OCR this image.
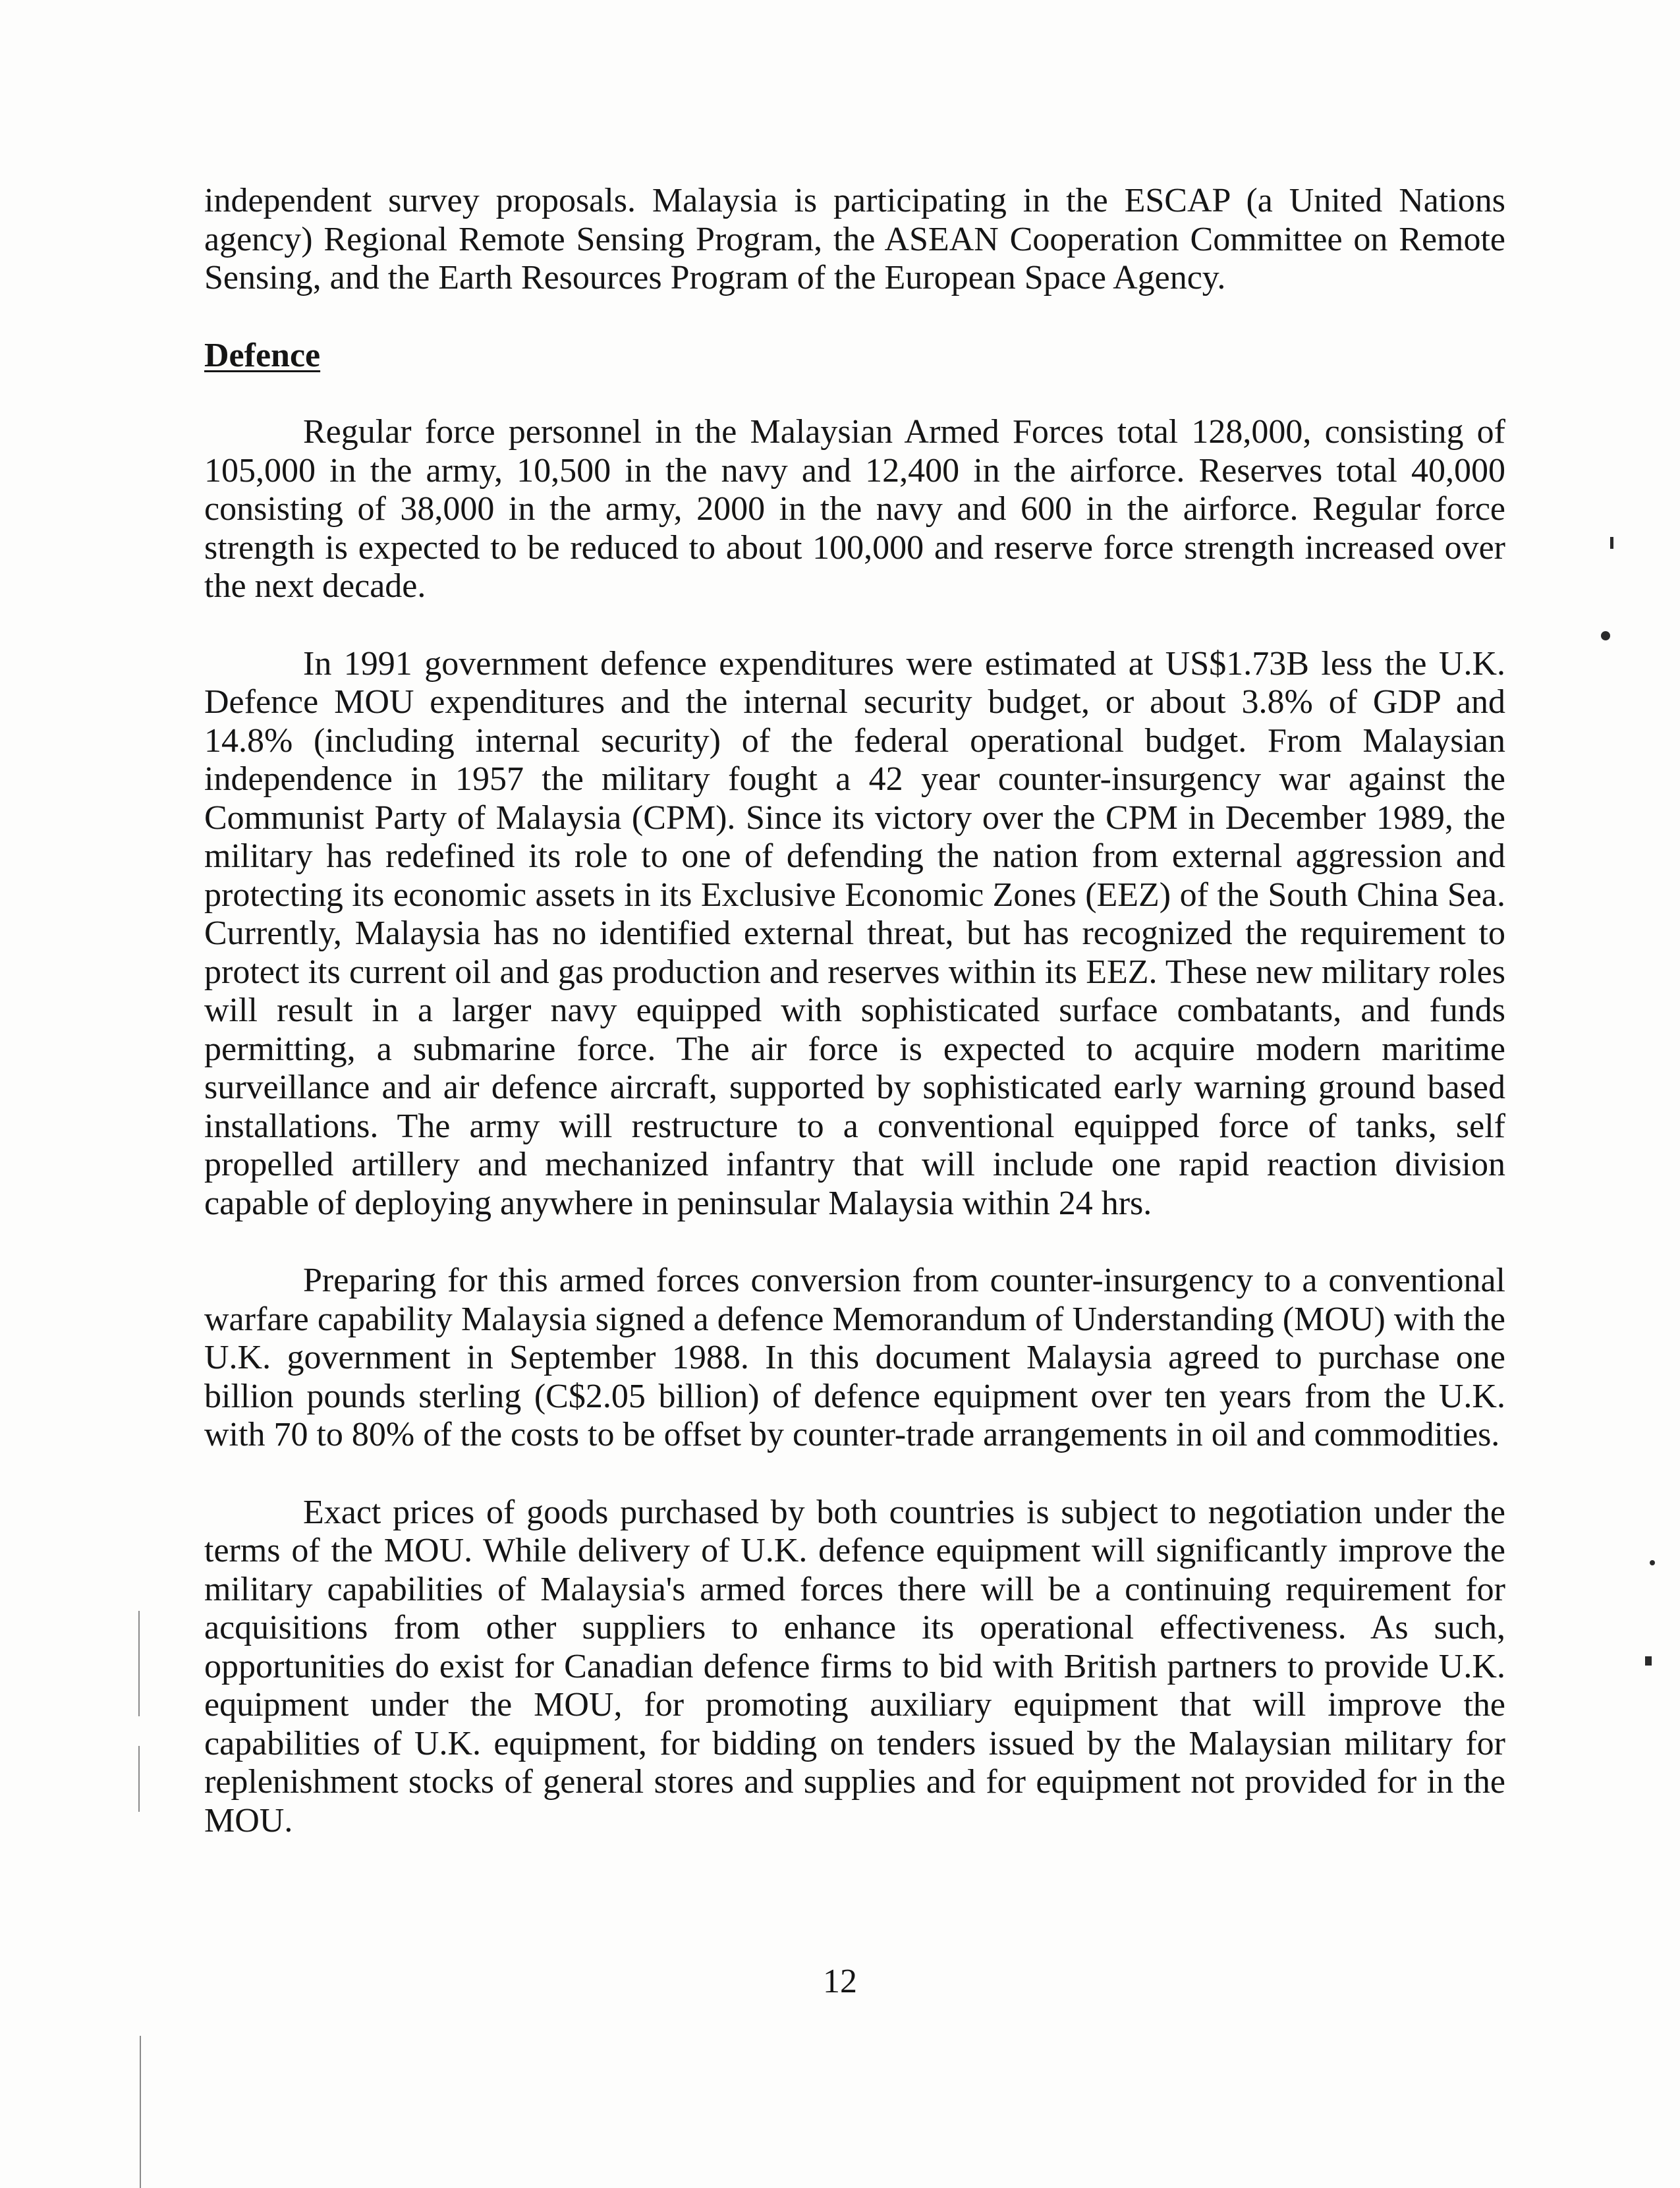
independent survey proposals. Malaysia is participating in the ESCAP (a United Nations agency) Regional Remote Sensing Program, the ASEAN Cooperation Committee on Remote Sensing, and the Earth Resources Program of the European Space Agency.

Defence

Regular force personnel in the Malaysian Armed Forces total 128,000, consisting of 105,000 in the army, 10,500 in the navy and 12,400 in the airforce. Reserves total 40,000 consisting of 38,000 in the army, 2000 in the navy and 600 in the airforce. Regular force strength is expected to be reduced to about 100,000 and reserve force strength increased over the next decade.

In 1991 government defence expenditures were estimated at US$1.73B less the U.K. Defence MOU expenditures and the internal security budget, or about 3.8% of GDP and 14.8% (including internal security) of the federal operational budget. From Malaysian independence in 1957 the military fought a 42 year counter-insurgency war against the Communist Party of Malaysia (CPM). Since its victory over the CPM in December 1989, the military has redefined its role to one of defending the nation from external aggression and protecting its economic assets in its Exclusive Economic Zones (EEZ) of the South China Sea. Currently, Malaysia has no identified external threat, but has recognized the requirement to protect its current oil and gas production and reserves within its EEZ. These new military roles will result in a larger navy equipped with sophisticated surface combatants, and funds permitting, a submarine force. The air force is expected to acquire modern maritime surveillance and air defence aircraft, supported by sophisticated early warning ground based installations. The army will restructure to a conventional equipped force of tanks, self propelled artillery and mechanized infantry that will include one rapid reaction division capable of deploying anywhere in peninsular Malaysia within 24 hrs.

Preparing for this armed forces conversion from counter-insurgency to a conventional warfare capability Malaysia signed a defence Memorandum of Understanding (MOU) with the U.K. government in September 1988. In this document Malaysia agreed to purchase one billion pounds sterling (C$2.05 billion) of defence equipment over ten years from the U.K. with 70 to 80% of the costs to be offset by counter-trade arrangements in oil and commodities.

Exact prices of goods purchased by both countries is subject to negotiation under the terms of the MOU. While delivery of U.K. defence equipment will significantly improve the military capabilities of Malaysia's armed forces there will be a continuing requirement for acquisitions from other suppliers to enhance its operational effectiveness. As such, opportunities do exist for Canadian defence firms to bid with British partners to provide U.K. equipment under the MOU, for promoting auxiliary equipment that will improve the capabilities of U.K. equipment, for bidding on tenders issued by the Malaysian military for replenishment stocks of general stores and supplies and for equipment not provided for in the MOU.

12
